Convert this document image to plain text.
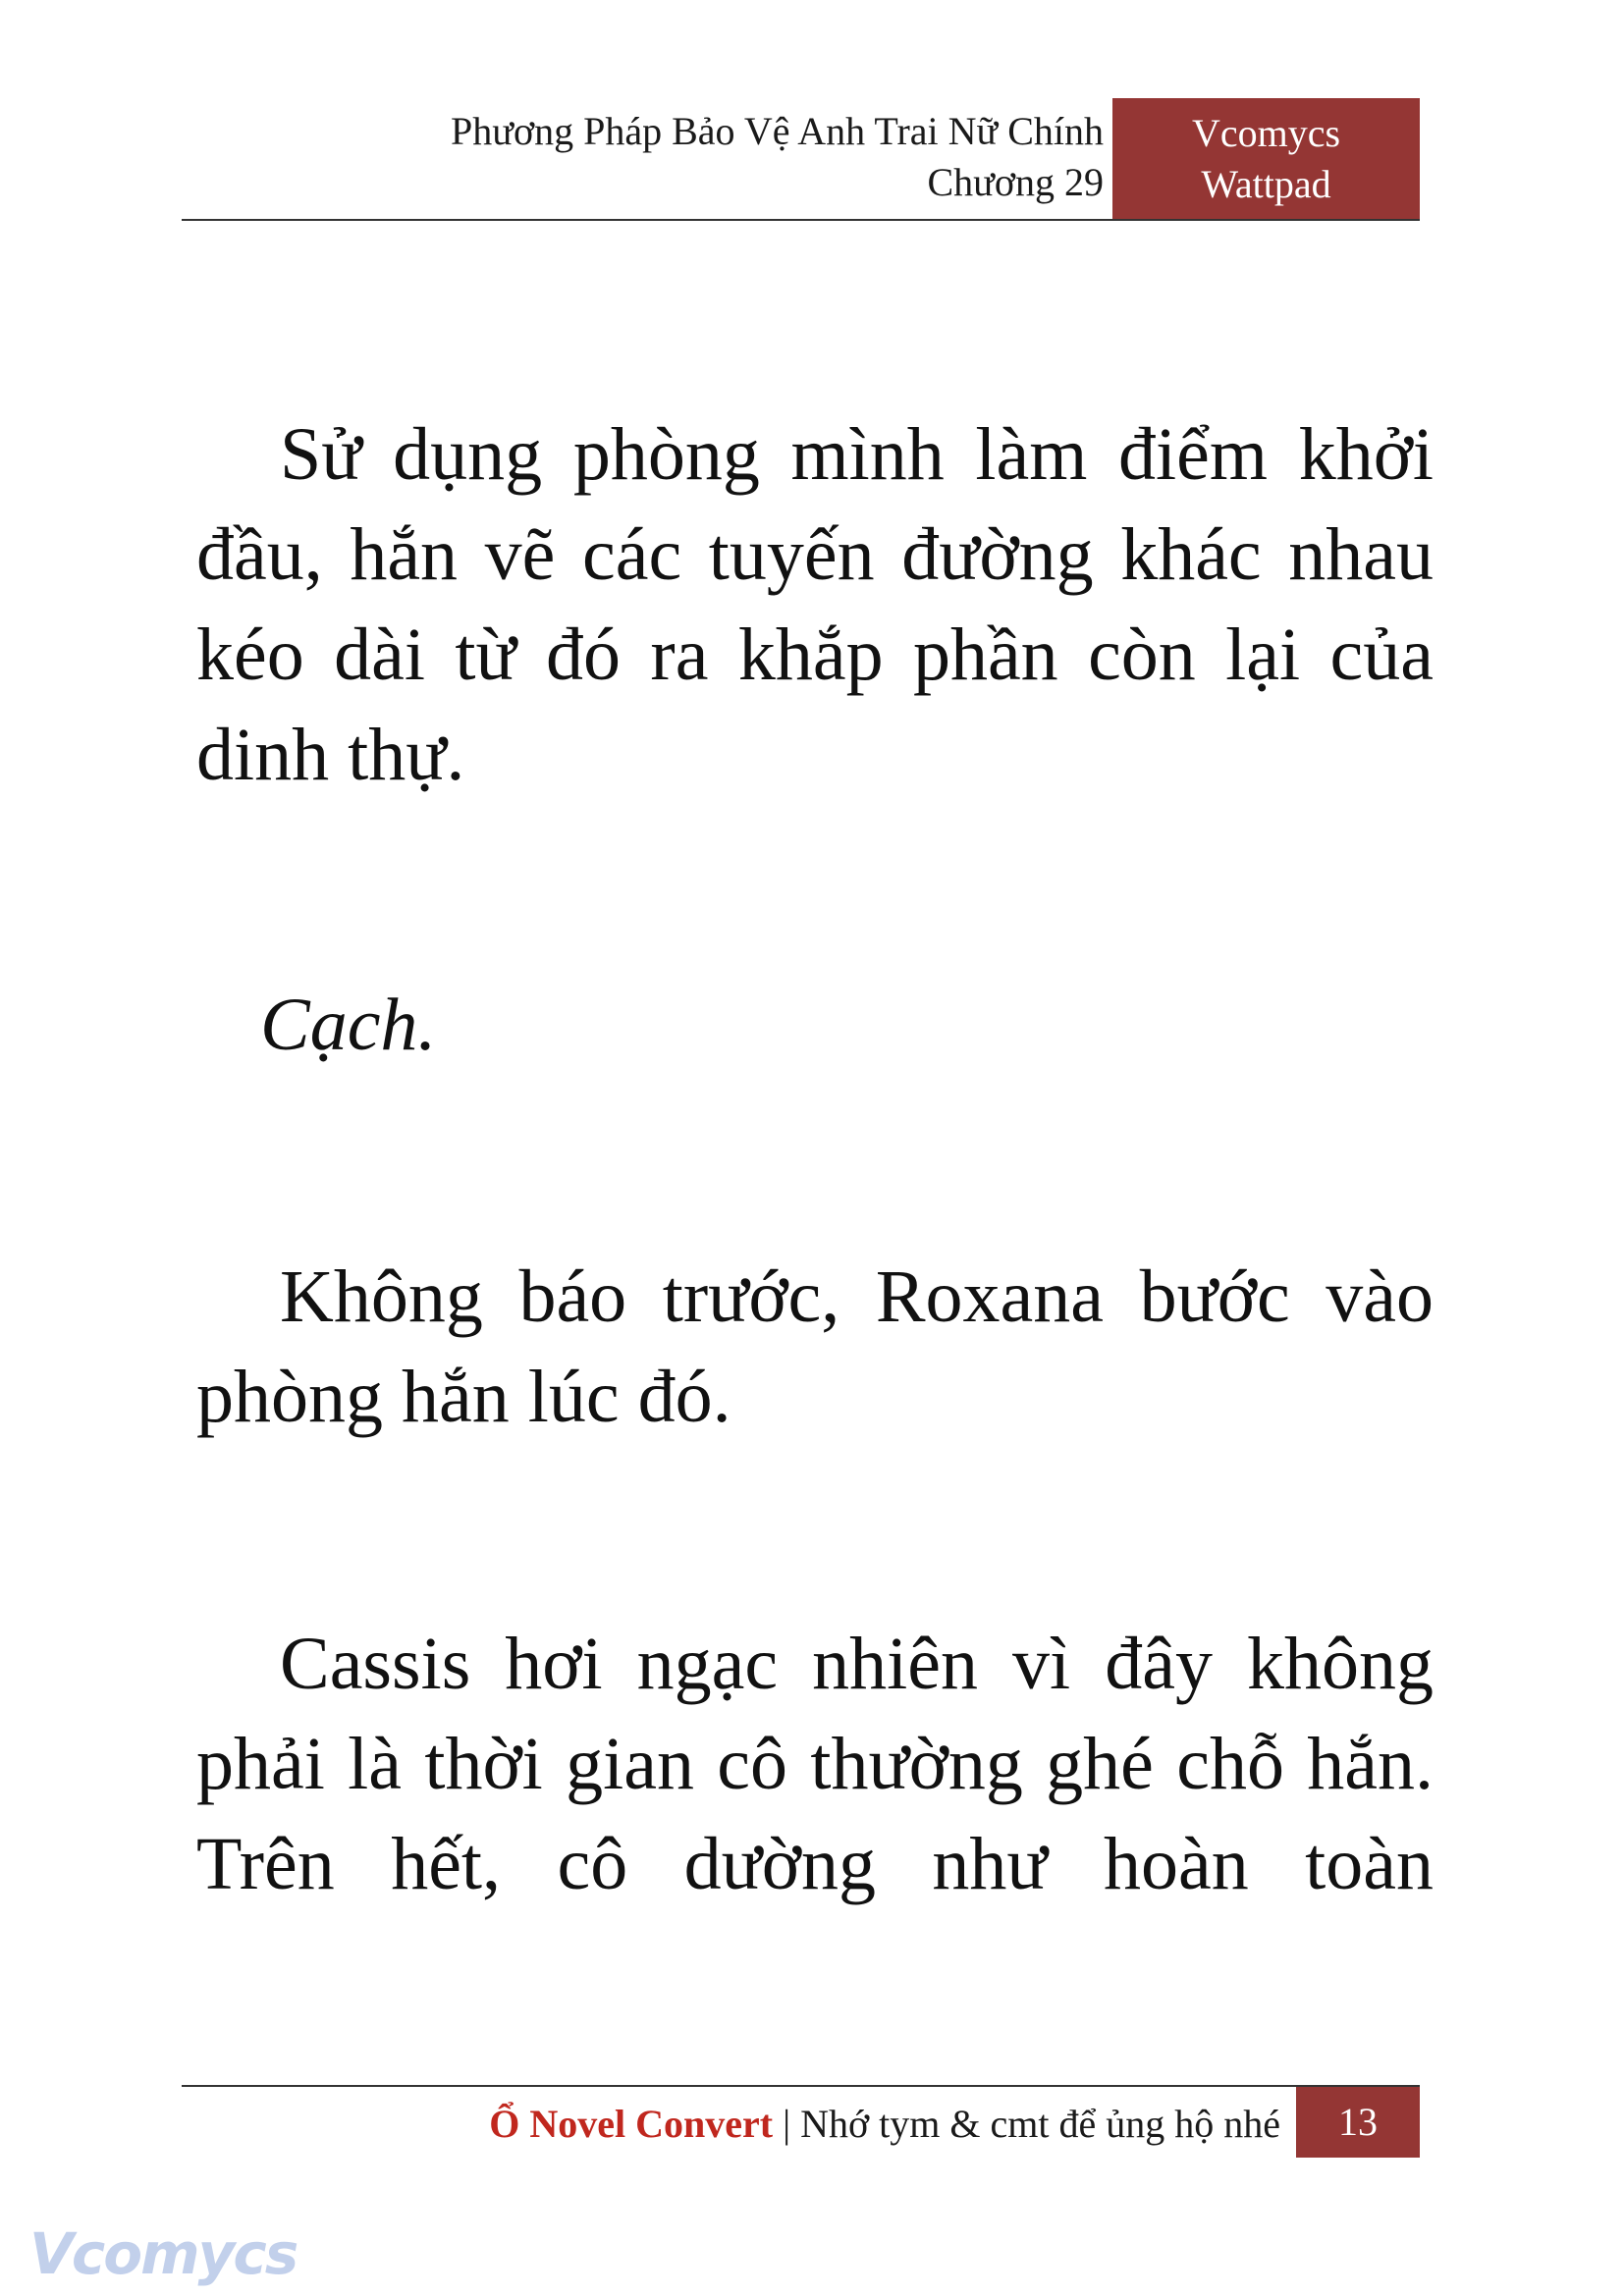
Phương Pháp Bảo Vệ Anh Trai Nữ Chính
Chương 29
Vcomycs
Wattpad

Sử dụng phòng mình làm điểm khởi đầu, hắn vẽ các tuyến đường khác nhau kéo dài từ đó ra khắp phần còn lại của dinh thự.

Cạch.

Không báo trước, Roxana bước vào phòng hắn lúc đó.

Cassis hơi ngạc nhiên vì đây không phải là thời gian cô thường ghé chỗ hắn. Trên hết, cô dường như hoàn toàn

Ổ Novel Convert | Nhớ tym & cmt để ủng hộ nhé	13
Vcomycs
